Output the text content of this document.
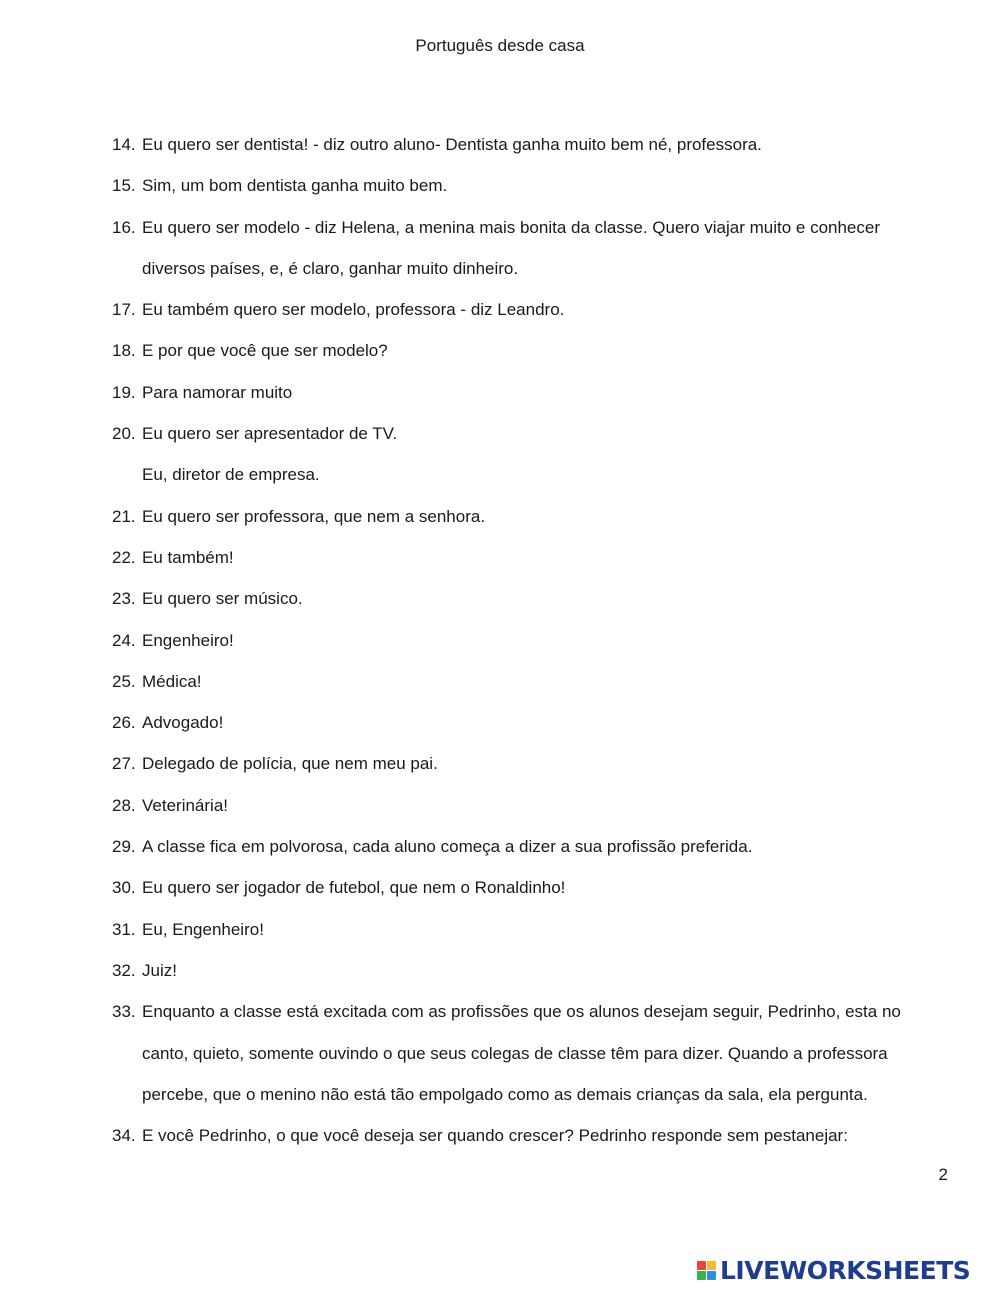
Português desde casa
14. Eu quero ser dentista! - diz outro aluno- Dentista ganha muito bem né, professora.
15. Sim, um bom dentista ganha muito bem.
16. Eu quero ser modelo - diz Helena, a menina mais bonita da classe. Quero viajar muito e conhecer
diversos países, e, é claro, ganhar muito dinheiro.
17. Eu também quero ser modelo, professora - diz Leandro.
18. E por que você que ser modelo?
19. Para namorar muito
20. Eu quero ser apresentador de TV.
Eu, diretor de empresa.
21. Eu quero ser professora, que nem a senhora.
22. Eu também!
23. Eu quero ser músico.
24. Engenheiro!
25. Médica!
26. Advogado!
27. Delegado de polícia, que nem meu pai.
28. Veterinária!
29. A classe fica em polvorosa, cada aluno começa a dizer a sua profissão preferida.
30. Eu quero ser jogador de futebol, que nem o Ronaldinho!
31. Eu, Engenheiro!
32. Juiz!
33. Enquanto a classe está excitada com as profissões que os alunos desejam seguir, Pedrinho, esta no
canto, quieto, somente ouvindo o que seus colegas de classe têm para dizer. Quando a professora
percebe, que o menino não está tão empolgado como as demais crianças da sala, ela pergunta.
34. E você Pedrinho, o que você deseja ser quando crescer? Pedrinho responde sem pestanejar:
2
LIVEWORKSHEETS
